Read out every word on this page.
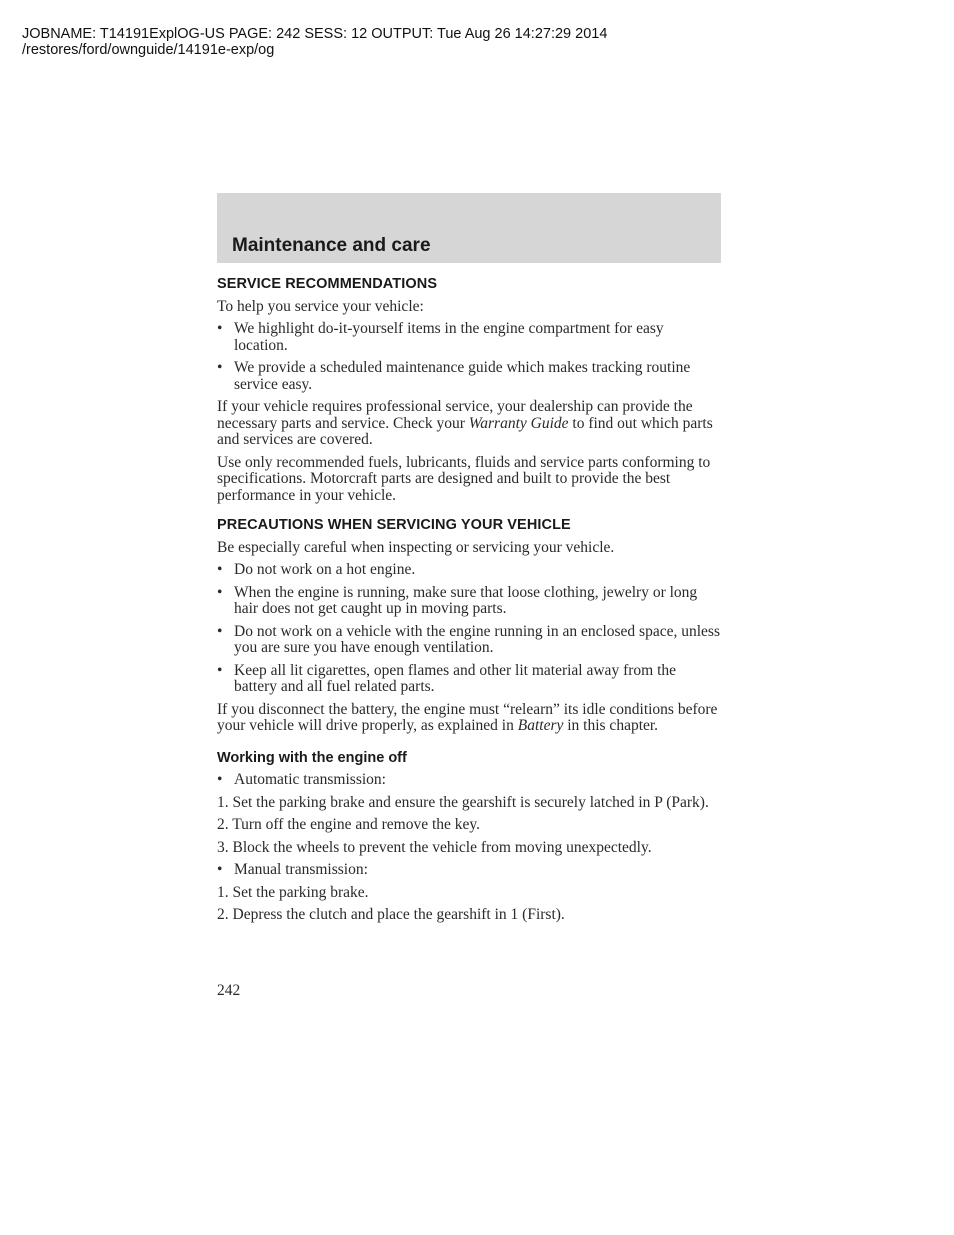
JOBNAME: T14191ExplOG-US PAGE: 242 SESS: 12 OUTPUT: Tue Aug 26 14:27:29 2014
/restores/ford/ownguide/14191e-exp/og
Maintenance and care
SERVICE RECOMMENDATIONS

To help you service your vehicle:

• We highlight do-it-yourself items in the engine compartment for easy location.
• We provide a scheduled maintenance guide which makes tracking routine service easy.

If your vehicle requires professional service, your dealership can provide the necessary parts and service. Check your Warranty Guide to find out which parts and services are covered.

Use only recommended fuels, lubricants, fluids and service parts conforming to specifications. Motorcraft parts are designed and built to provide the best performance in your vehicle.

PRECAUTIONS WHEN SERVICING YOUR VEHICLE

Be especially careful when inspecting or servicing your vehicle.

• Do not work on a hot engine.
• When the engine is running, make sure that loose clothing, jewelry or long hair does not get caught up in moving parts.
• Do not work on a vehicle with the engine running in an enclosed space, unless you are sure you have enough ventilation.
• Keep all lit cigarettes, open flames and other lit material away from the battery and all fuel related parts.

If you disconnect the battery, the engine must “relearn” its idle conditions before your vehicle will drive properly, as explained in Battery in this chapter.

Working with the engine off
• Automatic transmission:

1. Set the parking brake and ensure the gearshift is securely latched in P (Park).

2. Turn off the engine and remove the key.

3. Block the wheels to prevent the vehicle from moving unexpectedly.

• Manual transmission:

1. Set the parking brake.

2. Depress the clutch and place the gearshift in 1 (First).

242
